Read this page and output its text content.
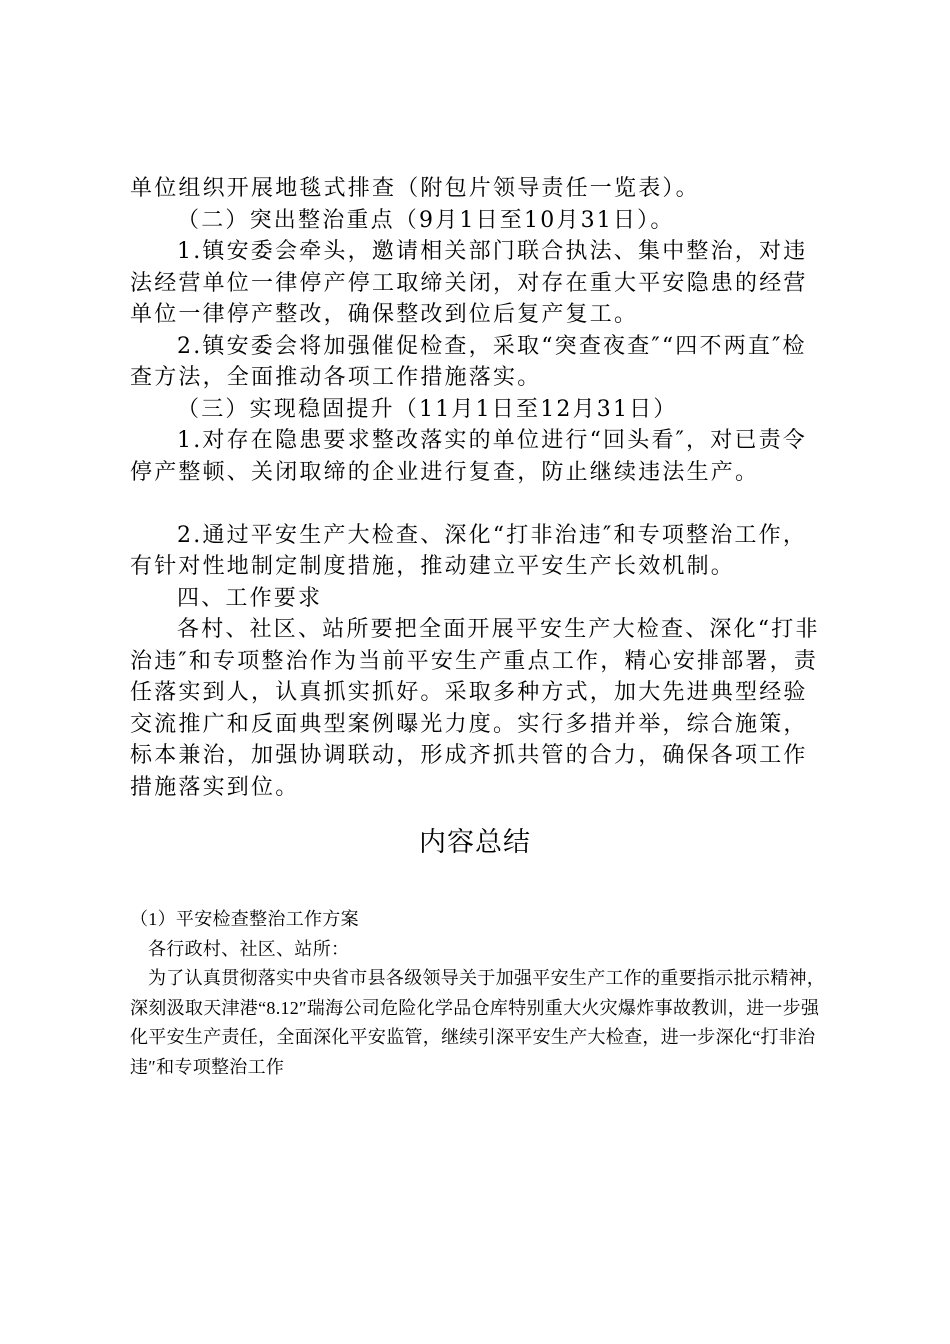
单位组织开展地毯式排查（附包片领导责任一览表）。

（二）突出整治重点（9月1日至10月31日）。

1.镇安委会牵头，邀请相关部门联合执法、集中整治，对违法经营单位一律停产停工取缔关闭，对存在重大平安隐患的经营单位一律停产整改，确保整改到位后复产复工。

2.镇安委会将加强催促检查，采取“突查夜查″“四不两直″检查方法，全面推动各项工作措施落实。

（三）实现稳固提升（11月1日至12月31日）

1.对存在隐患要求整改落实的单位进行“回头看″，对已责令停产整顿、关闭取缔的企业进行复查，防止继续违法生产。

2.通过平安生产大检查、深化“打非治违″和专项整治工作，有针对性地制定制度措施，推动建立平安生产长效机制。

四、工作要求

各村、社区、站所要把全面开展平安生产大检查、深化“打非治违″和专项整治作为当前平安生产重点工作，精心安排部署，责任落实到人，认真抓实抓好。采取多种方式，加大先进典型经验交流推广和反面典型案例曝光力度。实行多措并举，综合施策，标本兼治，加强协调联动，形成齐抓共管的合力，确保各项工作措施落实到位。

内容总结

（1）平安检查整治工作方案

各行政村、社区、站所：

为了认真贯彻落实中央省市县各级领导关于加强平安生产工作的重要指示批示精神，深刻汲取天津港“8.12″瑞海公司危险化学品仓库特别重大火灾爆炸事故教训，进一步强化平安生产责任，全面深化平安监管，继续引深平安生产大检查，进一步深化“打非治违″和专项整治工作
